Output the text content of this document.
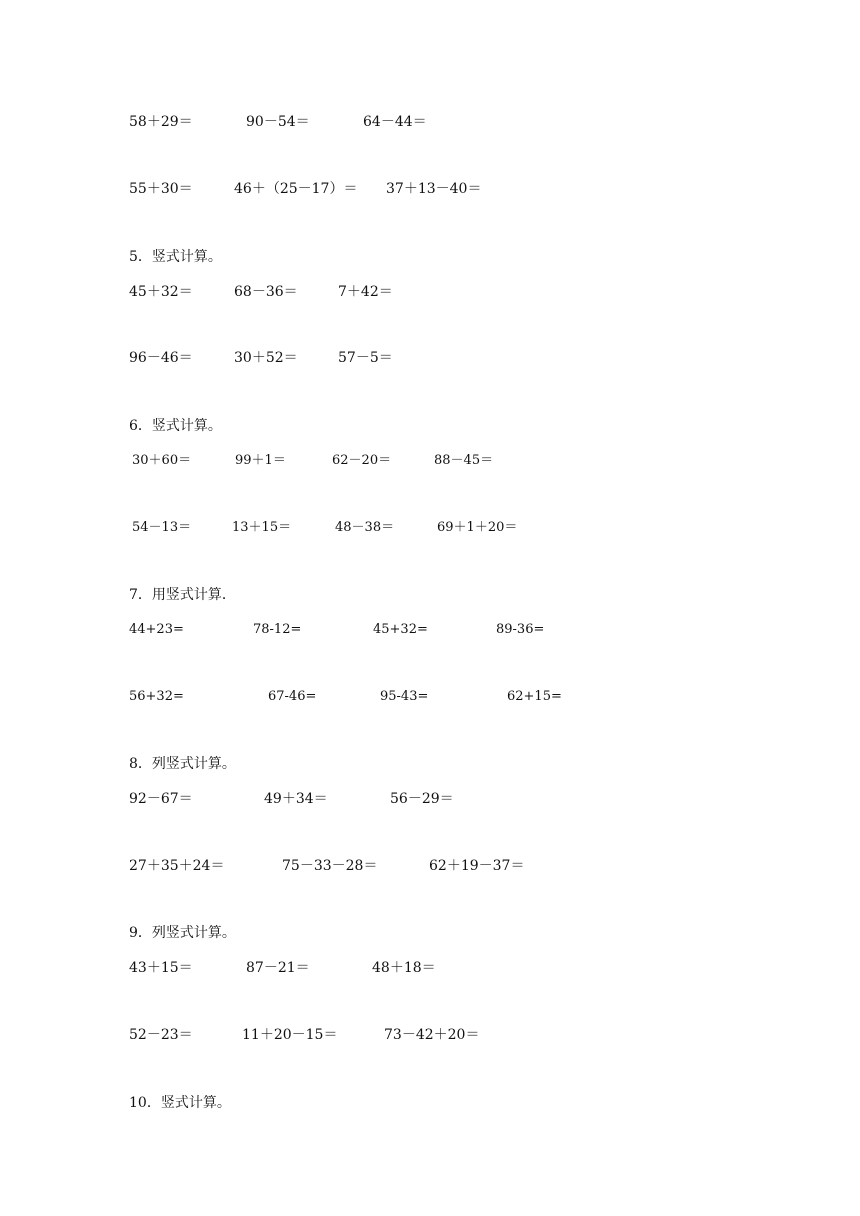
58＋29＝	90－54＝	64－44＝
55＋30＝	46＋（25－17）＝ 37＋13－40＝
5．竖式计算。
45＋32＝	68－36＝	7＋42＝
96－46＝	30＋52＝	57－5＝
6．竖式计算。
30＋60＝	99＋1＝	62－20＝	88－45＝
54－13＝	13＋15＝	48－38＝	69＋1＋20＝
7．用竖式计算．
44+23=	78-12=	45+32=	89-36=
56+32=	67-46=	95-43=	62+15=
8．列竖式计算。
92－67＝	49＋34＝	56－29＝
27＋35＋24＝	75－33－28＝	62＋19－37＝
9．列竖式计算。
43＋15＝	87－21＝	48＋18＝
52－23＝	11＋20－15＝	73－42＋20＝
10．竖式计算。
